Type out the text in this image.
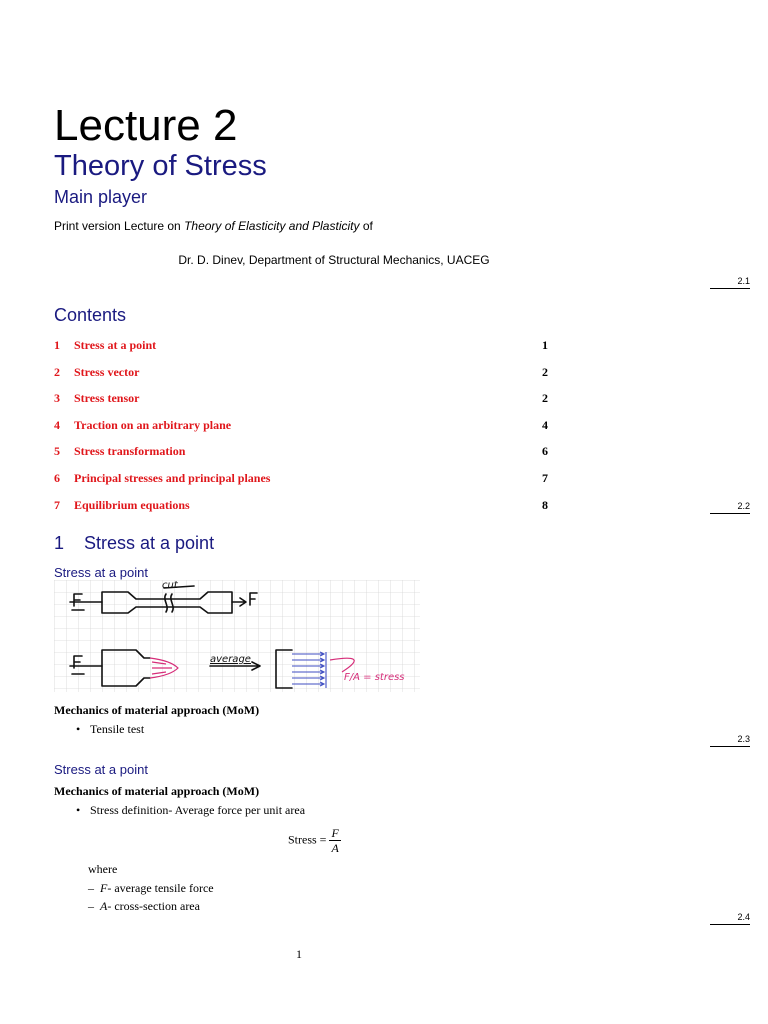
Lecture 2
Theory of Stress
Main player
Print version Lecture on Theory of Elasticity and Plasticity of
Dr. D. Dinev, Department of Structural Mechanics, UACEG
2.1
Contents
1 Stress at a point	1
2 Stress vector	2
3 Stress tensor	2
4 Traction on an arbitrary plane	4
5 Stress transformation	6
6 Principal stresses and principal planes	7
7 Equilibrium equations	8	2.2
1 Stress at a point
Stress at a point
cut
average
F/A = stress
Mechanics of material approach (MoM)
• Tensile test
2.3
Stress at a point
Mechanics of material approach (MoM)
• Stress definition- Average force per unit area
Stress = $\frac{F}{A}$
where
– F- average tensile force
– A- cross-section area
2.4
1
